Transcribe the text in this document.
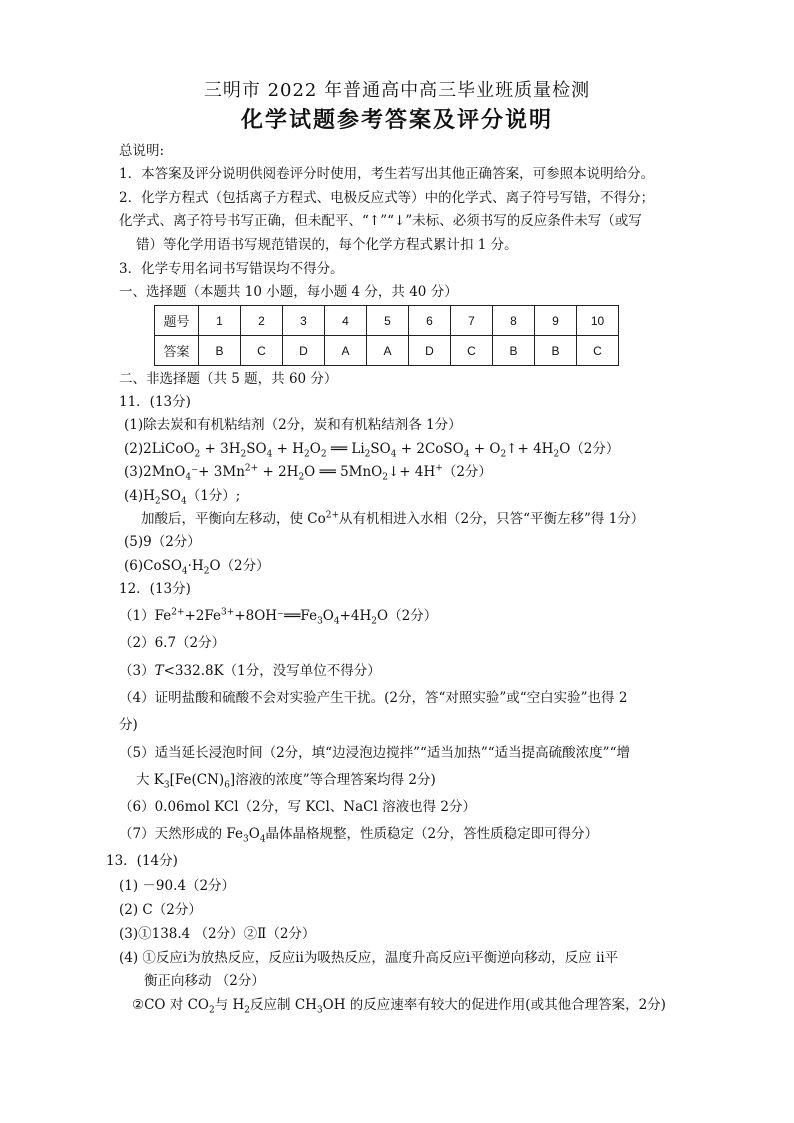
三明市 2022 年普通高中高三毕业班质量检测
化学试题参考答案及评分说明
总说明:
1．本答案及评分说明供阅卷评分时使用，考生若写出其他正确答案，可参照本说明给分。
2．化学方程式（包括离子方程式、电极反应式等）中的化学式、离子符号写错，不得分；
化学式、离子符号书写正确，但未配平、“↑”“↓”未标、必须书写的反应条件未写（或写
错）等化学用语书写规范错误的，每个化学方程式累计扣 1 分。
3．化学专用名词书写错误均不得分。
一、选择题（本题共 10 小题，每小题 4 分，共 40 分）
题号	1	2	3	4	5	6	7	8	9	10
答案	B	C	D	A	A	D	C	B	B	C
二、非选择题（共 5 题，共 60 分）
11．(13分)
(1)除去炭和有机粘结剂（2分，炭和有机粘结剂各 1分）
(2)2LiCoO$_2$ + $3H_2SO_4 + H_2O_2$ ══ $Li_2SO_4$ + 2CoSO$_4$ + $O_2↑+ 4H_2O(2$分）
$(3)2MnO_4^-+ 3Mn^{2+} + 2H_2O$ ══ 5MnO$_2$↓+ 4H+（2分）
$(4)H_2SO_4(1$分）;
加酸后，平衡向左移动，使 $Co^{2+}$从有机相进入水相（2分，只答“平衡左移”得 1分）
(5)9（2分）
$(6)CoSO_4\cdot H_2O(2$分）
12．(13分)
$(1)Fe^{2+}+2Fe^{3+}+8OH^-══Fe_3O_4+4H_2O(2$分）
（2）6.7（2分）
（3）T<332.8K（1分，没写单位不得分）
（4）证明盐酸和硫酸不会对实验产生干扰。(2分，答“对照实验”或“空白实验”也得 2
分)
（5）适当延长浸泡时间（2分，填“边浸泡边搅拌”“适当加热”“适当提高硫酸浓度”“增
大 $K_3[Fe(CN)_6]$溶液的浓度”等合理答案均得 2分)
（6）0.06mol KCl（2分，写 KCl、NaCl 溶液也得 2分）
（7）天然形成的 $Fe_3O_4$晶体晶格规整，性质稳定（2分，答性质稳定即可得分）
13．(14分)
(1) －90.4（2分）
(2) C（2分）
(3)①138.4 （2分）②Ⅱ（2分）
(4) ①反应ⅰ为放热反应，反应ⅱ为吸热反应，温度升高反应ⅰ平衡逆向移动，反应 ⅱ平
衡正向移动 （2分）
②CO 对 $CO_2$与 $H_2$反应制 $CH_3OH$ 的反应速率有较大的促进作用(或其他合理答案，2分)
